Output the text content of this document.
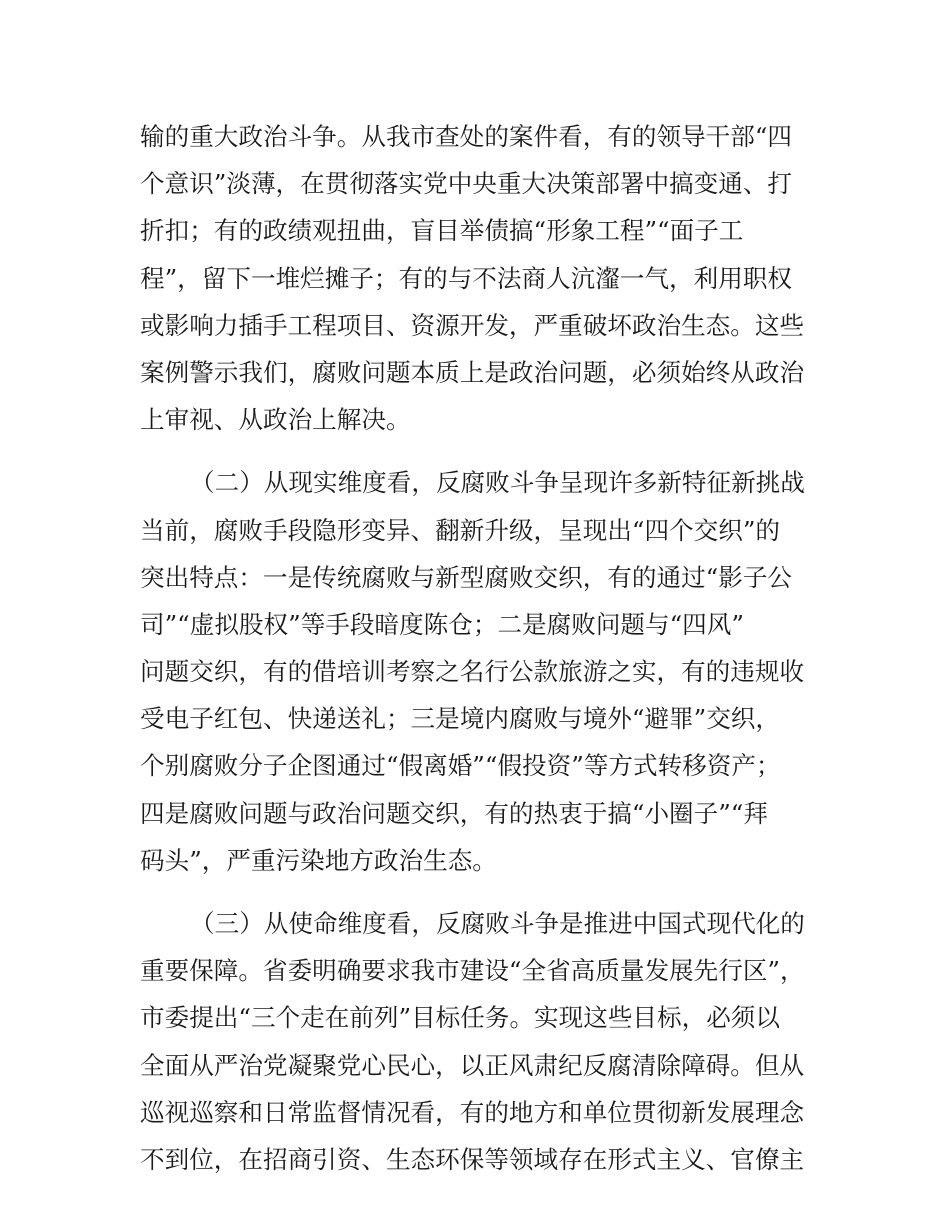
输的重大政治斗争。从我市查处的案件看，有的领导干部“四
个意识”淡薄，在贯彻落实党中央重大决策部署中搞变通、打
折扣；有的政绩观扭曲，盲目举债搞“形象工程”“面子工
程”，留下一堆烂摊子；有的与不法商人沆瀣一气，利用职权
或影响力插手工程项目、资源开发，严重破坏政治生态。这些
案例警示我们，腐败问题本质上是政治问题，必须始终从政治
上审视、从政治上解决。
（二）从现实维度看，反腐败斗争呈现许多新特征新挑战
当前，腐败手段隐形变异、翻新升级，呈现出“四个交织”的
突出特点：一是传统腐败与新型腐败交织，有的通过“影子公
司”“虚拟股权”等手段暗度陈仓；二是腐败问题与“四风”
问题交织，有的借培训考察之名行公款旅游之实，有的违规收
受电子红包、快递送礼；三是境内腐败与境外“避罪”交织，
个别腐败分子企图通过“假离婚”“假投资”等方式转移资产；
四是腐败问题与政治问题交织，有的热衷于搞“小圈子”“拜
码头”，严重污染地方政治生态。
（三）从使命维度看，反腐败斗争是推进中国式现代化的
重要保障。省委明确要求我市建设“全省高质量发展先行区”，
市委提出“三个走在前列”目标任务。实现这些目标，必须以
全面从严治党凝聚党心民心，以正风肃纪反腐清除障碍。但从
巡视巡察和日常监督情况看，有的地方和单位贯彻新发展理念
不到位，在招商引资、生态环保等领域存在形式主义、官僚主
